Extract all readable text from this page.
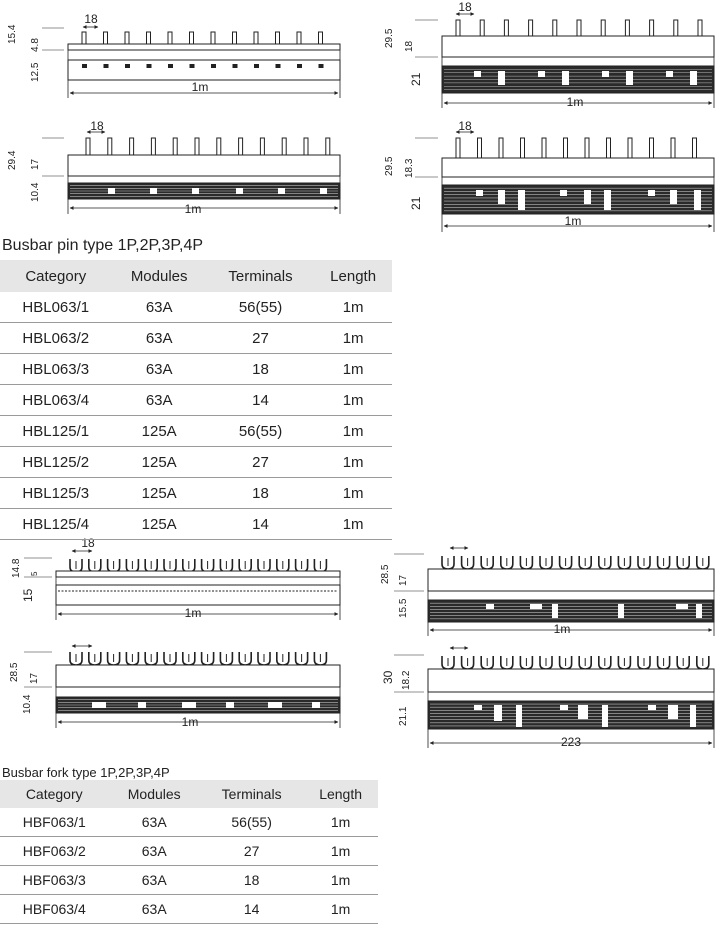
1m
18
15.4
4.8
12.5
1m
18
29.5 18
21
1m
18
29.4 17
10.4
1m
18
29.5 18.3
21
1m
18
14.8 5
15
1m
28.5 17
15.5
1m
28.5 17
10.4
223
30 18.2
21.1
Busbar pin type 1P,2P,3P,4P
Category	Modules	Terminals	Length
HBL063/1	63A	56(55)	1m
HBL063/2	63A	27	1m
HBL063/3	63A	18	1m
HBL063/4	63A	14	1m
HBL125/1	125A	56(55)	1m
HBL125/2	125A	27	1m
HBL125/3	125A	18	1m
HBL125/4	125A	14	1m
Busbar fork type 1P,2P,3P,4P
Category	Modules	Terminals	Length
HBF063/1	63A	56(55)	1m
HBF063/2	63A	27	1m
HBF063/3	63A	18	1m
HBF063/4	63A	14	1m
